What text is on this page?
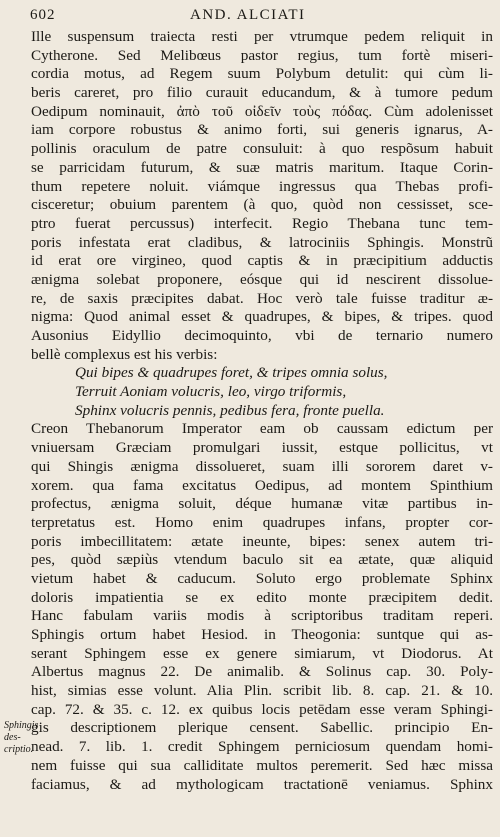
602	AND. ALCIATI
Ille suspensum traiecta resti per vtrumque pedem reliquit in
Cytherone. Sed Melibœus pastor regius, tum fortè miseri-
cordia motus, ad Regem suum Polybum detulit: qui cùm li-
beris careret, pro filio curauit educandum, & à tumore pedum
Oedipum nominauit, ἀπὸ τοῦ οἰδεῖν τοὺς πόδας. Cùm adolenisset
iam corpore robustus & animo forti, sui generis ignarus, A-
pollinis oraculum de patre consuluit: à quo respõsum habuit
se parricidam futurum, & suæ matris maritum. Itaque Corin-
thum repetere noluit. viámque ingressus qua Thebas profi-
cisceretur; obuium parentem (à quo, quòd non cessisset, sce-
ptro fuerat percussus) interfecit. Regio Thebana tunc tem-
poris infestata erat cladibus, & latrociniis Sphingis. Monstrũ
id erat ore virgineo, quod captis & in præcipitium adductis
ænigma solebat proponere, eósque qui id nescirent dissolue-
re, de saxis præcipites dabat. Hoc verò tale fuisse traditur æ-
nigma: Quod animal esset & quadrupes, & bipes, & tripes. quod
Ausonius Eidyllio decimoquinto, vbi de ternario numero
bellè complexus est his verbis:
Qui bipes & quadrupes foret, & tripes omnia solus,
Terruit Aoniam volucris, leo, virgo triformis,
Sphinx volucris pennis, pedibus fera, fronte puella.
Creon Thebanorum Imperator eam ob caussam edictum per
vniuersam Græciam promulgari iussit, estque pollicitus, vt
qui Shingis ænigma dissolueret, suam illi sororem daret v-
xorem. qua fama excitatus Oedipus, ad montem Spinthium
profectus, ænigma soluit, déque humanæ vitæ partibus in-
terpretatus est. Homo enim quadrupes infans, propter cor-
poris imbecillitatem: ætate ineunte, bipes: senex autem tri-
pes, quòd sæpiùs vtendum baculo sit ea ætate, quæ aliquid
vietum habet & caducum. Soluto ergo problemate Sphinx
doloris impatientia se ex edito monte præcipitem dedit.
Hanc fabulam variis modis à scriptoribus traditam reperi.
Sphingis ortum habet Hesiod. in Theogonia: suntque qui as-
serant Sphingem esse ex genere simiarum, vt Diodorus. At
Albertus magnus 22. De animalib. & Solinus cap. 30. Poly-
hist, simias esse volunt. Alia Plin. scribit lib. 8. cap. 21. & 10.
cap. 72. & 35. c. 12. ex quibus locis petēdam esse veram Sphingi-
gis descriptionem plerique censent. Sabellic. principio En-
nead. 7. lib. 1. credit Sphingem perniciosum quendam homi-
nem fuisse qui sua calliditate multos peremerit. Sed hæc missa
faciamus, & ad mythologicam tractationē veniamus. Sphinx
Sphingis des-criptio.
